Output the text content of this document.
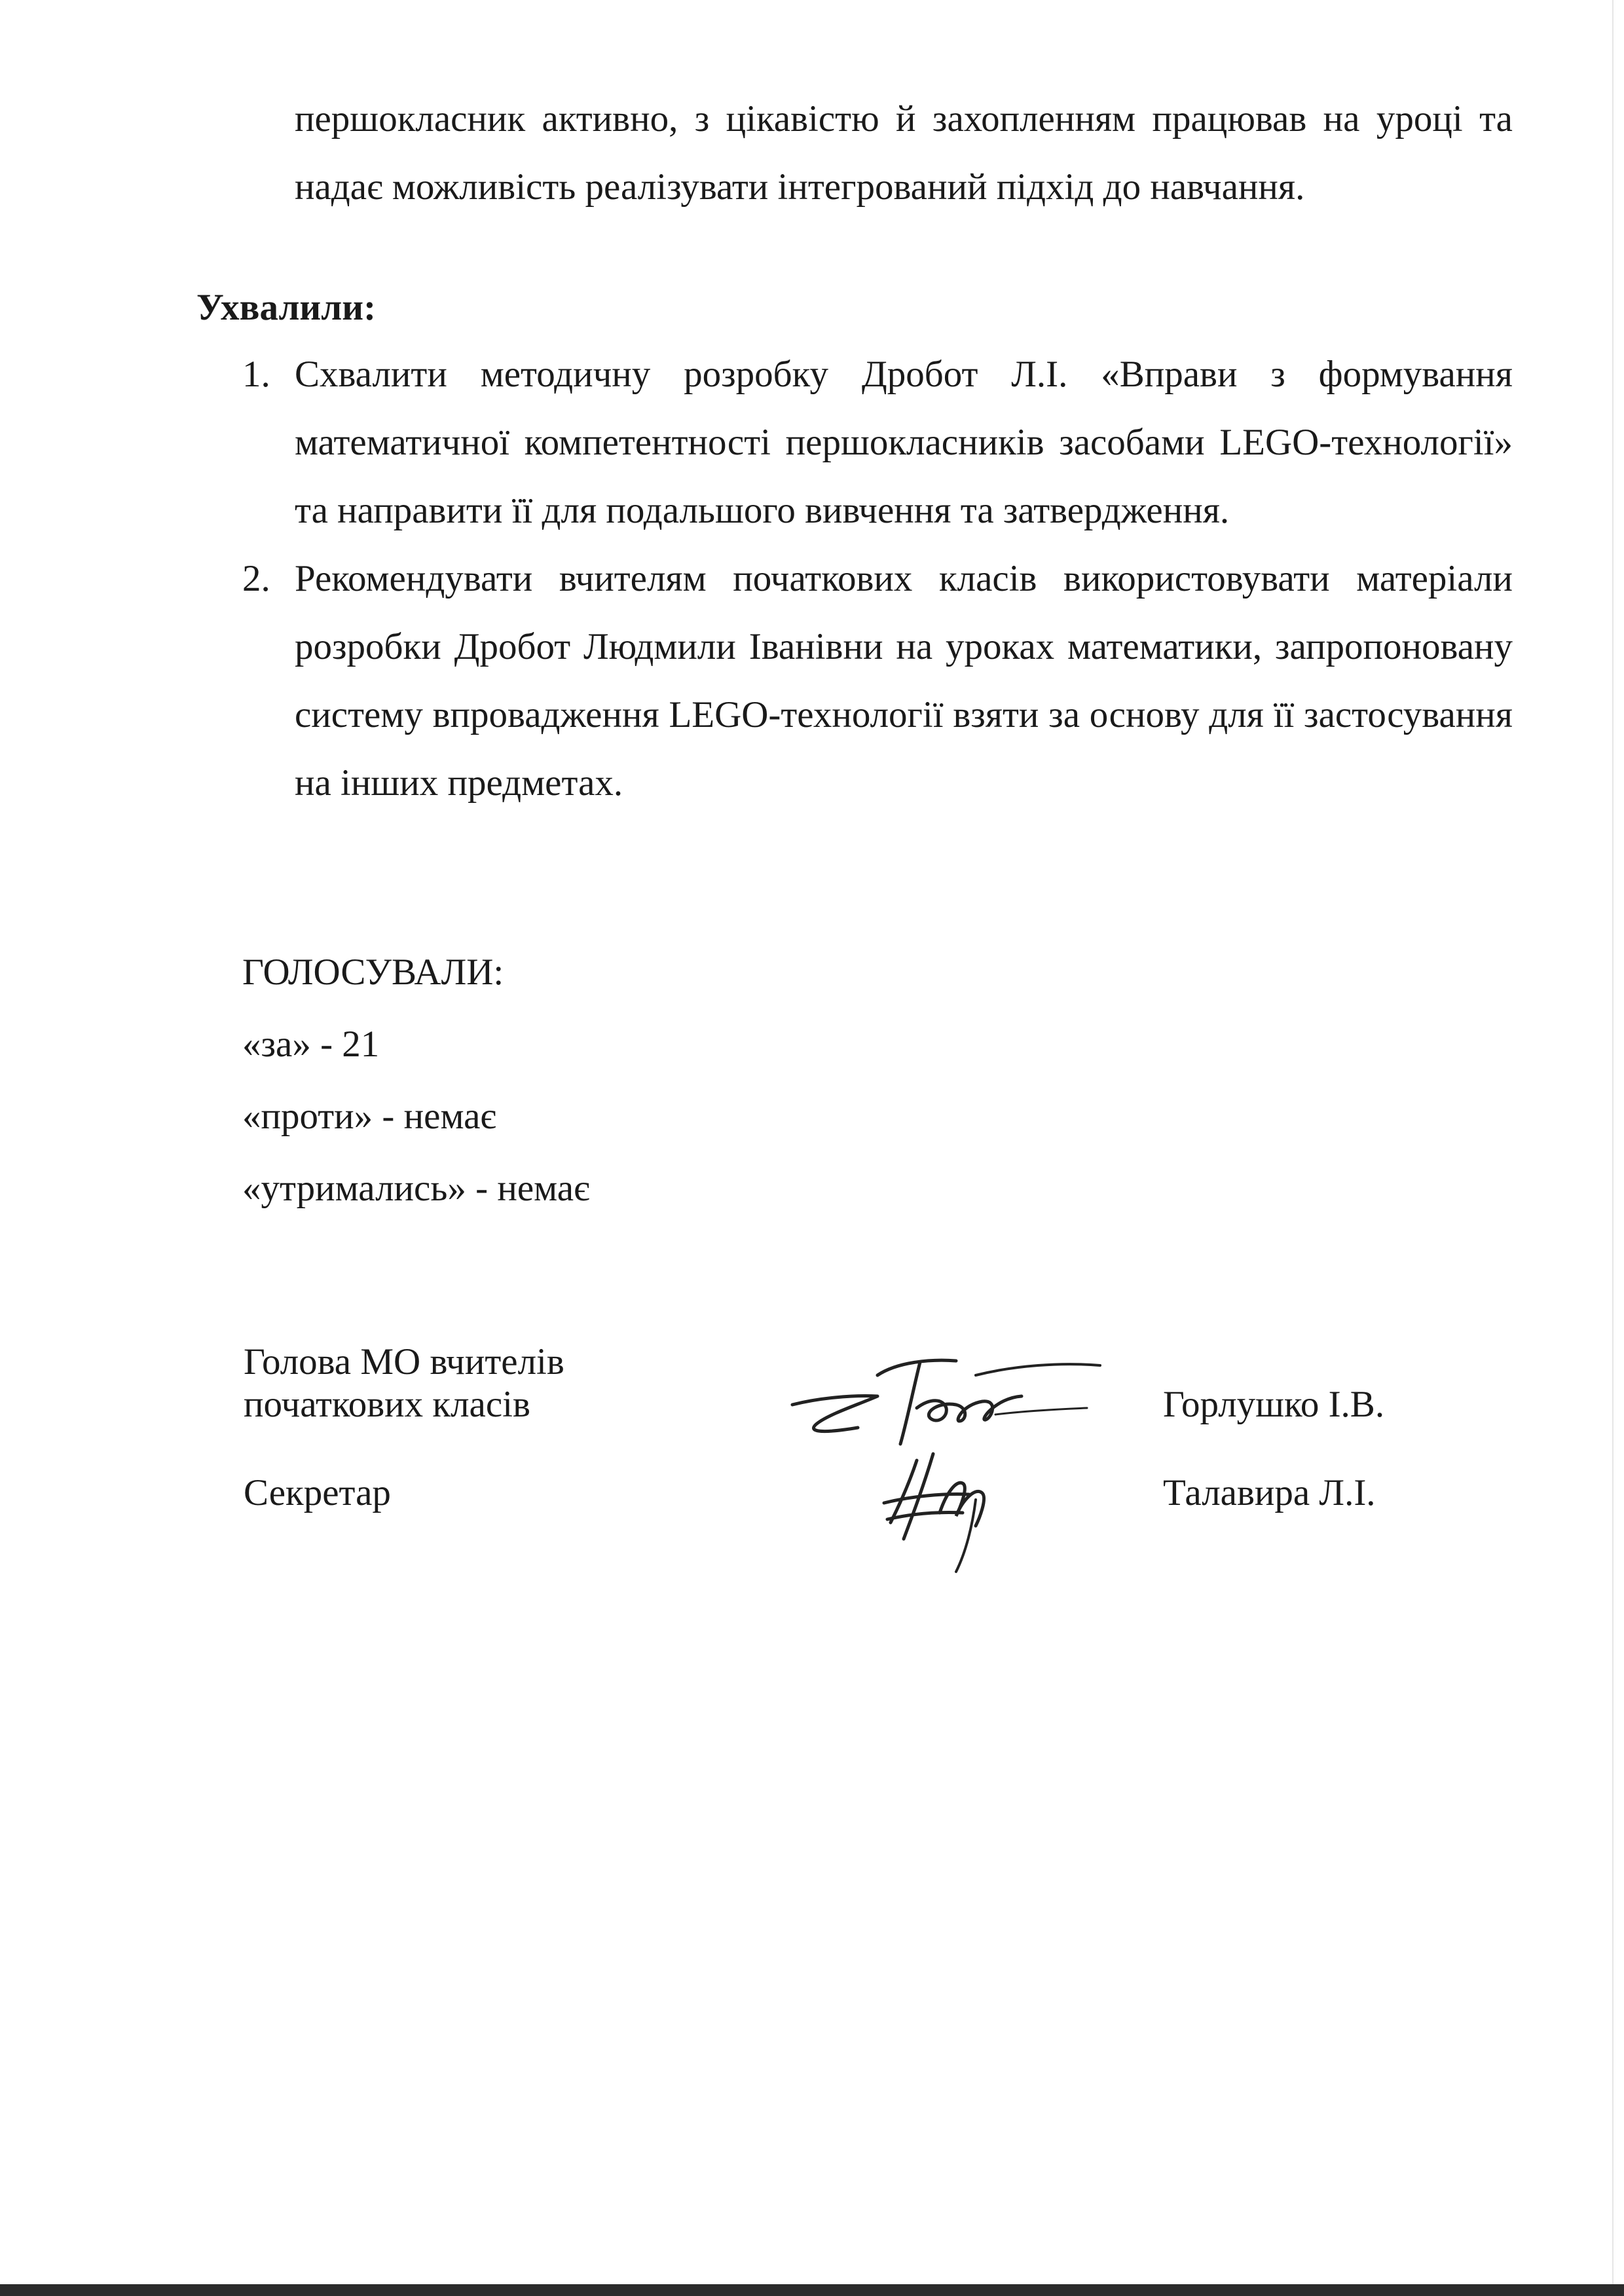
першокласник активно, з цікавістю й захопленням працював на уроці та надає можливість реалізувати інтегрований підхід до навчання.
Ухвалили:
1. Схвалити методичну розробку Дробот Л.І. «Вправи з формування математичної компетентності першокласників засобами LEGO-технології» та направити її для подальшого вивчення та затвердження.
2. Рекомендувати вчителям початкових класів використовувати матеріали розробки Дробот Людмили Іванівни на уроках математики, запропоновану систему впровадження LEGO-технології взяти за основу для її застосування на інших предметах.
ГОЛОСУВАЛИ:
«за» - 21
«проти» - немає
«утримались» - немає
Голова МО вчителів
початкових класів	Горлушко І.В.
Секретар	Талавира Л.І.
